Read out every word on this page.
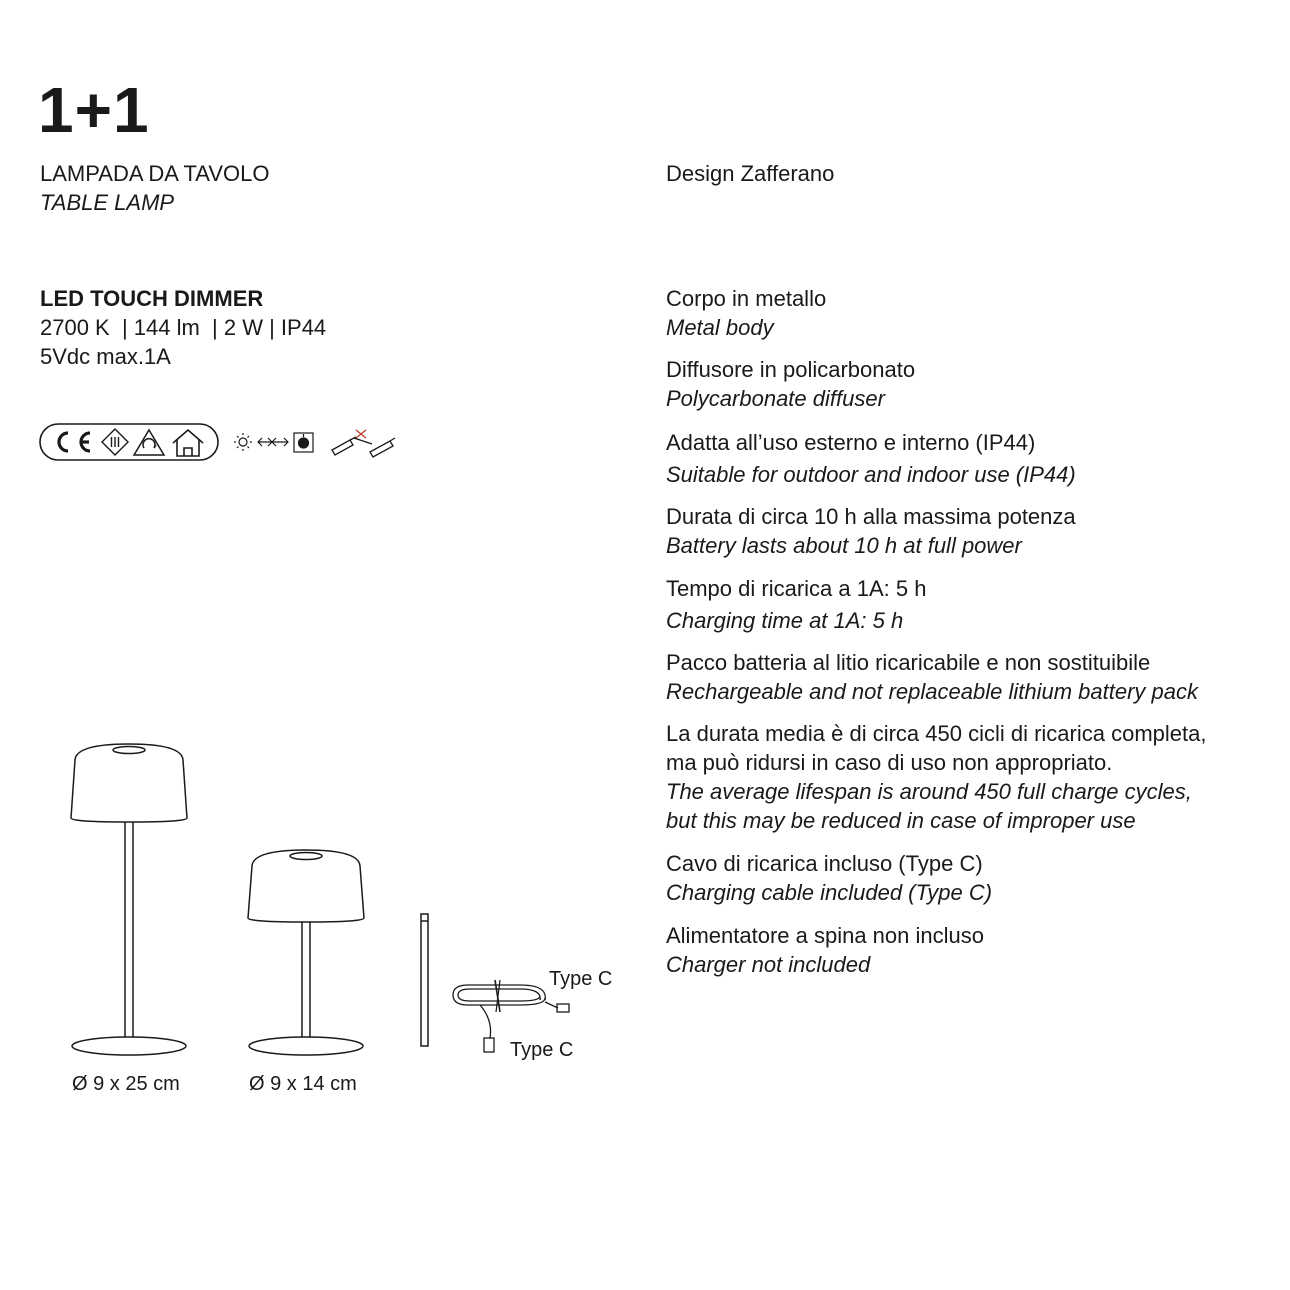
1+1
LAMPADA DA TAVOLO
TABLE LAMP
Design Zafferano
LED TOUCH DIMMER
2700 K  | 144 lm  | 2 W | IP44
5Vdc max.1A
Corpo in metallo
Metal body
Diffusore in policarbonato
Polycarbonate diffuser
Adatta all’uso esterno e interno (IP44)
Suitable for outdoor and indoor use (IP44)
Durata di circa 10 h alla massima potenza
Battery lasts about 10 h at full power
Tempo di ricarica a 1A: 5 h
Charging time at 1A: 5 h
Pacco batteria al litio ricaricabile e non sostituibile
Rechargeable and not replaceable lithium battery pack
La durata media è di circa 450 cicli di ricarica completa,
ma può ridursi in caso di uso non appropriato.
The average lifespan is around 450 full charge cycles,
but this may be reduced in case of improper use
Cavo di ricarica incluso (Type C)
Charging cable included (Type C)
Alimentatore a spina non incluso
Charger not included
Type C
Type C
Ø 9 x 25 cm	Ø 9 x 14 cm
